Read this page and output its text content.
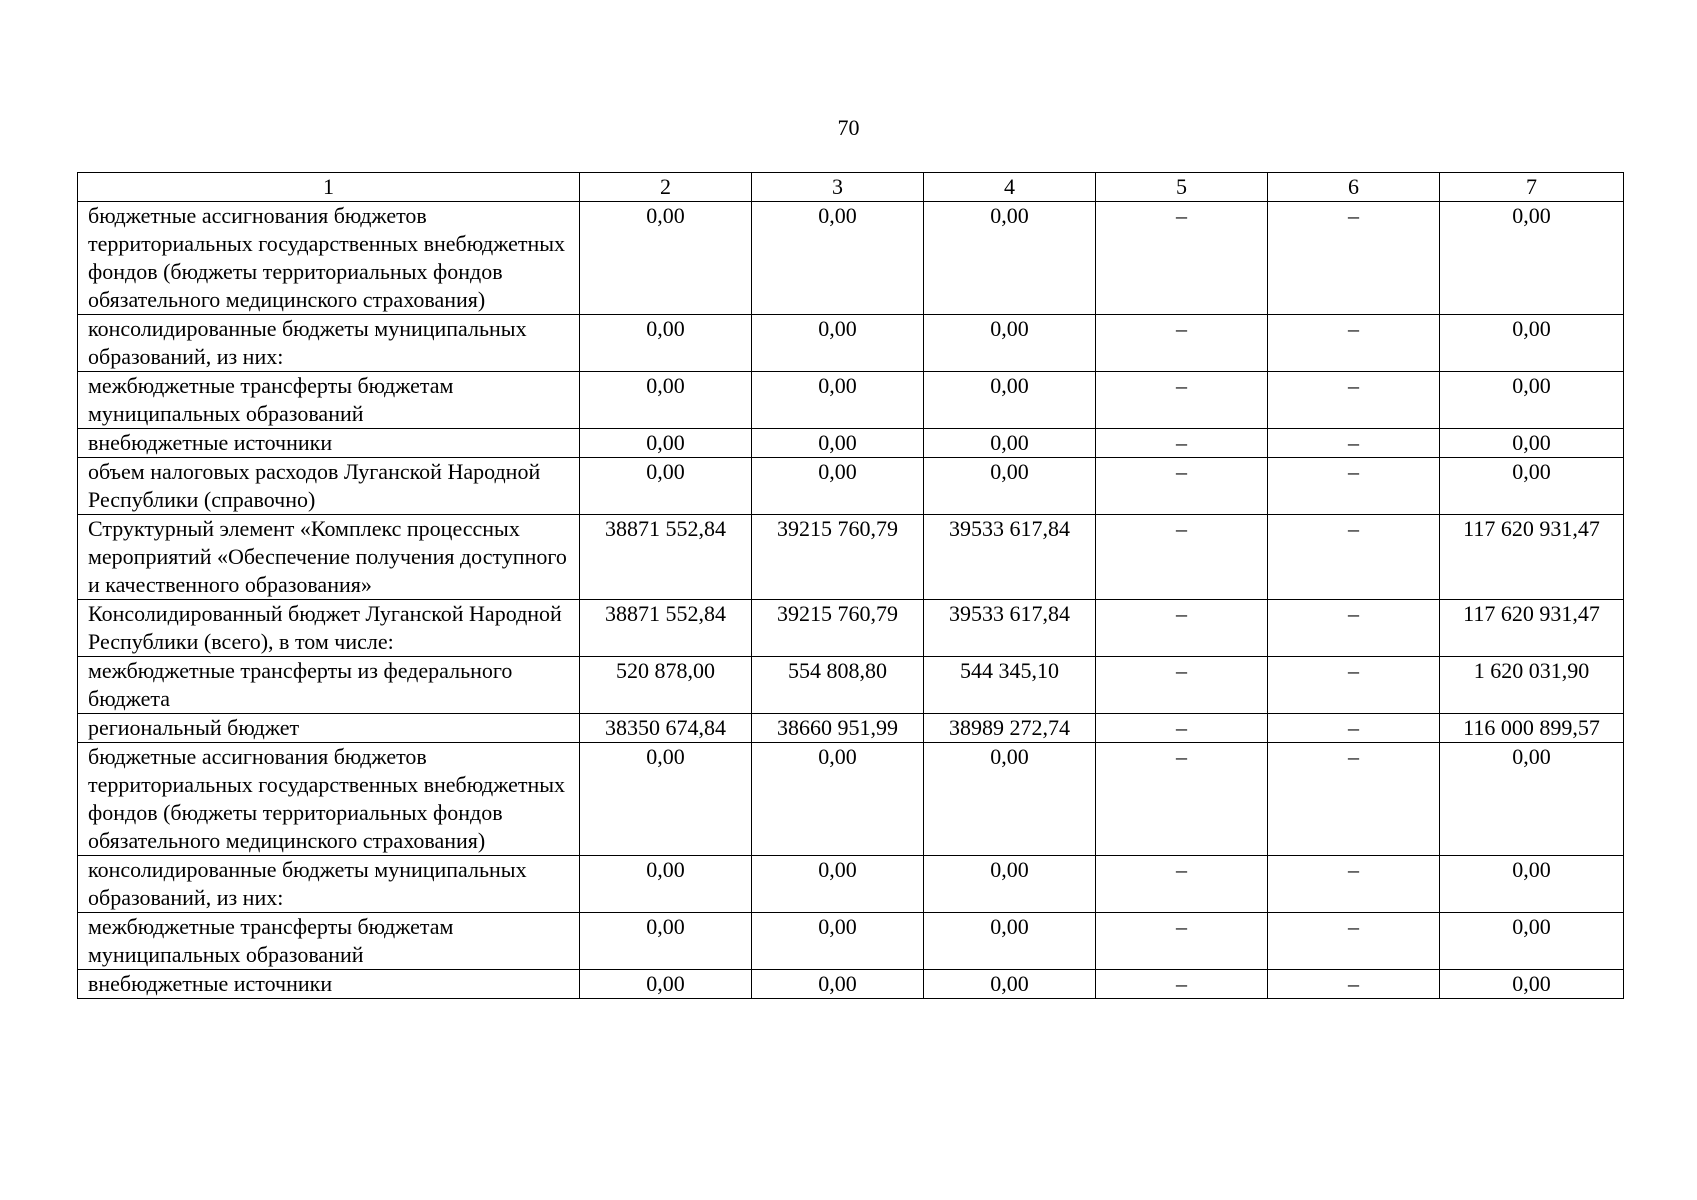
70
1	2	3	4	5	6	7
бюджетные ассигнования бюджетов территориальных государственных внебюджетных фондов (бюджеты территориальных фондов обязательного медицинского страхования)	0,00	0,00	0,00	–	–	0,00
консолидированные бюджеты муниципальных образований, из них:	0,00	0,00	0,00	–	–	0,00
межбюджетные трансферты бюджетам муниципальных образований	0,00	0,00	0,00	–	–	0,00
внебюджетные источники	0,00	0,00	0,00	–	–	0,00
объем налоговых расходов Луганской Народной Республики (справочно)	0,00	0,00	0,00	–	–	0,00
Структурный элемент «Комплекс процессных мероприятий «Обеспечение получения доступного и качественного образования»	38871 552,84	39215 760,79	39533 617,84	–	–	117 620 931,47
Консолидированный бюджет Луганской Народной Республики (всего), в том числе:	38871 552,84	39215 760,79	39533 617,84	–	–	117 620 931,47
межбюджетные трансферты из федерального бюджета	520 878,00	554 808,80	544 345,10	–	–	1 620 031,90
региональный бюджет	38350 674,84	38660 951,99	38989 272,74	–	–	116 000 899,57
бюджетные ассигнования бюджетов территориальных государственных внебюджетных фондов (бюджеты территориальных фондов обязательного медицинского страхования)	0,00	0,00	0,00	–	–	0,00
консолидированные бюджеты муниципальных образований, из них:	0,00	0,00	0,00	–	–	0,00
межбюджетные трансферты бюджетам муниципальных образований	0,00	0,00	0,00	–	–	0,00
внебюджетные источники	0,00	0,00	0,00	–	–	0,00
